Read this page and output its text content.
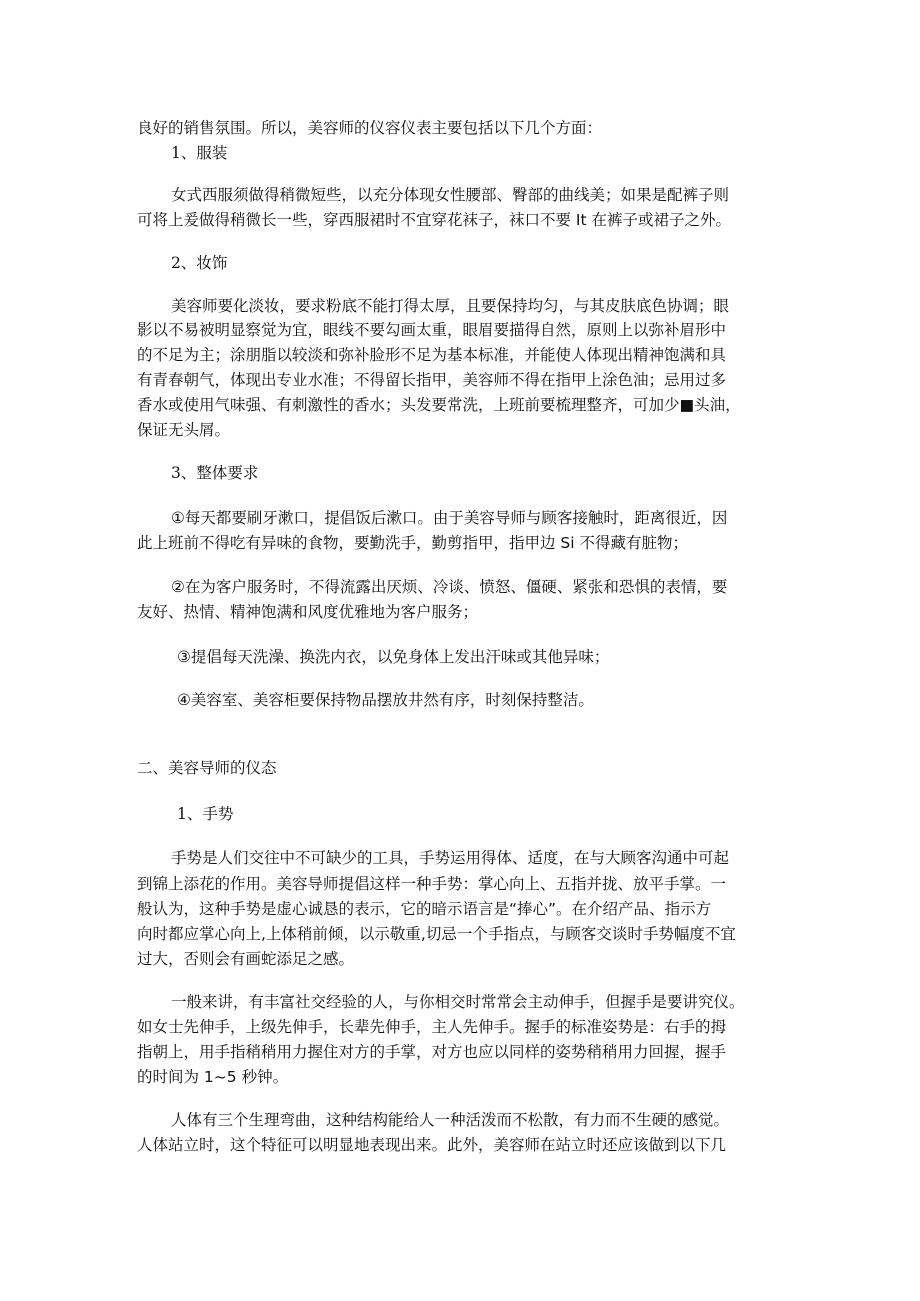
良好的销售氛围。所以，美容师的仪容仪表主要包括以下几个方面：
1、服装
女式西服须做得稍微短些，以充分体现女性腰部、臀部的曲线美；如果是配裤子则
可将上爰做得稍微长一些，穿西服裙时不宜穿花袜子，袜口不要 It 在裤子或裙子之外。
2、妆饰
美容师要化淡妆，要求粉底不能打得太厚，且要保持均匀，与其皮肤底色协调；眼
影以不易被明显察觉为宜，眼线不要勾画太重，眼眉要描得自然，原则上以弥补眉形中
的不足为主；涂朋脂以较淡和弥补脸形不足为基本标准，并能使人体现出精神饱满和具
有青春朝气，体现出专业水准；不得留长指甲，美容师不得在指甲上涂色油；忌用过多
香水或使用气味强、有刺激性的香水；头发要常洗，上班前要梳理整齐，可加少■头油，
保证无头屑。
3、整体要求
①每天都要刷牙漱口，提倡饭后漱口。由于美容导师与顾客接触时，距离很近，因
此上班前不得吃有异味的食物，要勤洗手，勤剪指甲，指甲边 Si 不得藏有脏物；
②在为客户服务时，不得流露出厌烦、冷谈、愤怒、僵硬、紧张和恐惧的表情，要
友好、热情、精神饱满和风度优雅地为客户服务；
③提倡每天洗澡、换洗内衣，以免身体上发出汗味或其他异味；
④美容室、美容柜要保持物品摆放井然有序，时刻保持整洁。
二、美容导师的仪态
1、手势
手势是人们交往中不可缺少的工具，手势运用得体、适度，在与大顾客沟通中可起
到锦上添花的作用。美容导师提倡这样一种手势：掌心向上、五指并拢、放平手掌。一
般认为，这种手势是虚心诚恳的表示，它的暗示语言是“捧心”。在介绍产品、指示方
向时都应掌心向上,上体稍前倾，以示敬重,切忌一个手指点，与顾客交谈时手势幅度不宜
过大，否则会有画蛇添足之感。
一般来讲，有丰富社交经验的人，与你相交时常常会主动伸手，但握手是要讲究仪。
如女士先伸手，上级先伸手，长辈先伸手，主人先伸手。握手的标准姿势是：右手的拇
指朝上，用手指稍稍用力握住对方的手掌，对方也应以同样的姿势稍稍用力回握，握手
的时间为 1~5 秒钟。
人体有三个生理弯曲，这种结构能给人一种活泼而不松散，有力而不生硬的感觉。
人体站立时，这个特征可以明显地表现出来。此外，美容师在站立时还应该做到以下几
